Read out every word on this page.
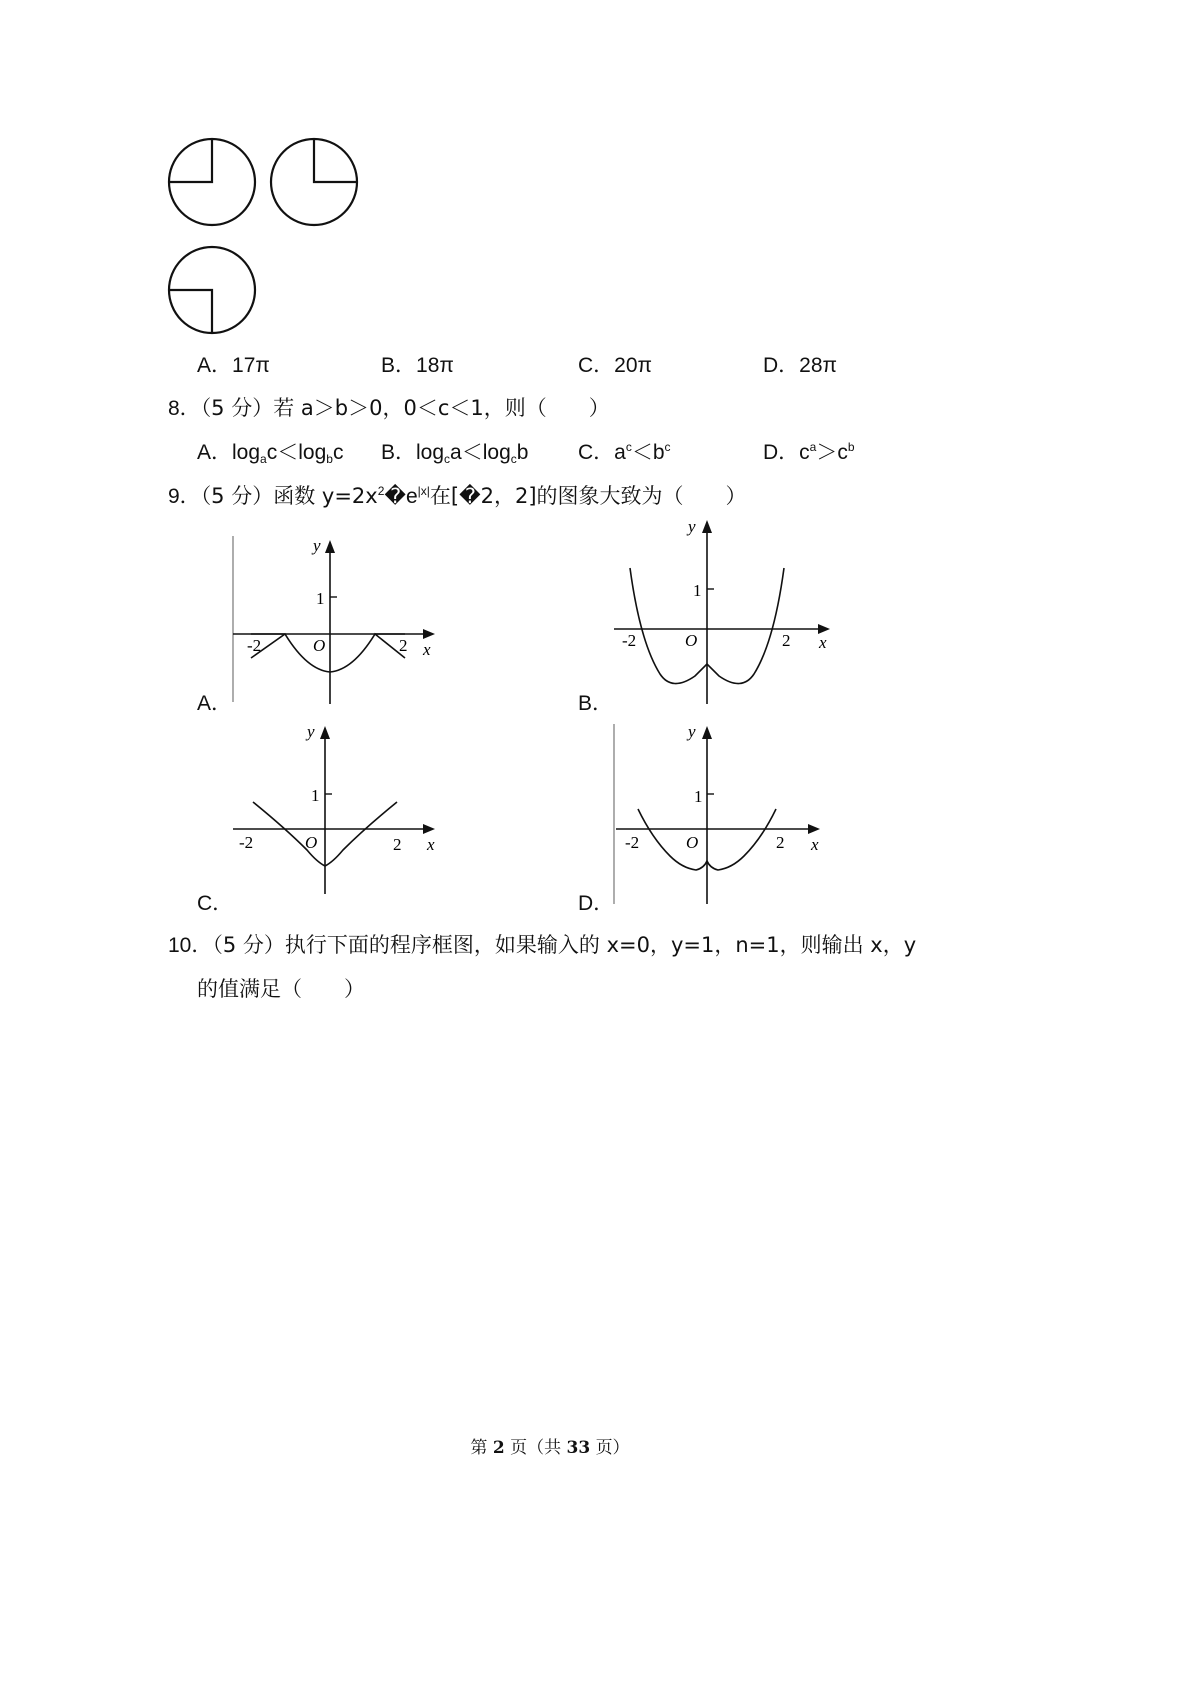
A．17π	B．18π	C．20π	D．28π
8．（5 分）若 a＞b＞0，0＜c＜1，则（　　）
A．$\log_ac<\log_bc$ B．$\log_ca<\log_cb$ C．$a^c<b^c$	D．$c^a>c^b$
9．（5 分）函数 $y=2x^2�e^{|x|}$在[�2，2]的图象大致为（　　）
y
x
1
O
-2	2
A．
y
x
1
O
-2	2
B．
y
x
1
O
-2	2
C．
y
x
1
O
-2	2
D．
10．（5 分）执行下面的程序框图，如果输入的 x=0，y=1，n=1，则输出 x，y
的值满足（　　）
第 2 页（共 33 页）
